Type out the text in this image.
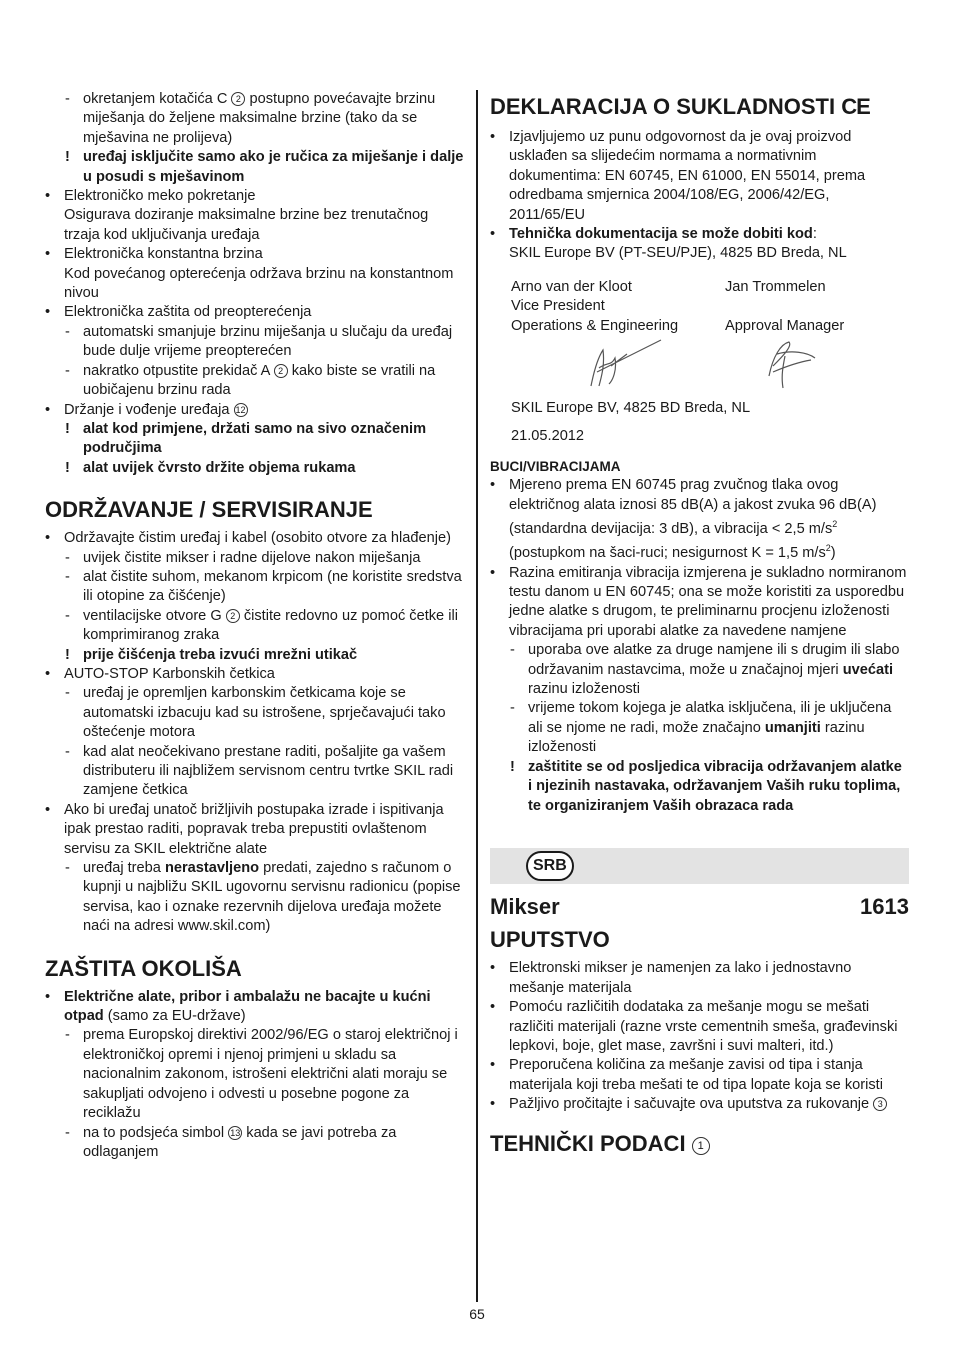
- okretanjem kotačića C 2 postupno povećavajte brzinu miješanja do željene maksimalne brzine (tako da se mješavina ne prolijeva)
! uređaj isključite samo ako je ručica za miješanje i dalje u posudi s mješavinom
• Elektroničko meko pokretanje
Osigurava doziranje maksimalne brzine bez trenutačnog trzaja kod uključivanja uređaja
• Elektronička konstantna brzina
Kod povećanog opterećenja održava brzinu na konstantnom nivou
• Elektronička zaštita od preopterećenja
- automatski smanjuje brzinu miješanja u slučaju da uređaj bude dulje vrijeme preopterećen
- nakratko otpustite prekidač A 2 kako biste se vratili na uobičajenu brzinu rada
• Držanje i vođenje uređaja 12
! alat kod primjene, držati samo na sivo označenim područjima
! alat uvijek čvrsto držite objema rukama
ODRŽAVANJE / SERVISIRANJE
• Održavajte čistim uređaj i kabel (osobito otvore za hlađenje)
- uvijek čistite mikser i radne dijelove nakon miješanja
- alat čistite suhom, mekanom krpicom (ne koristite sredstva ili otopine za čišćenje)
- ventilacijske otvore G 2 čistite redovno uz pomoć četke ili komprimiranog zraka
! prije čišćenja treba izvući mrežni utikač
• AUTO-STOP Karbonskih četkica
- uređaj je opremljen karbonskim četkicama koje se automatski izbacuju kad su istrošene, sprječavajući tako oštećenje motora
- kad alat neočekivano prestane raditi, pošaljite ga vašem distributeru ili najbližem servisnom centru tvrtke SKIL radi zamjene četkica
• Ako bi uređaj unatoč brižljivih postupaka izrade i ispitivanja ipak prestao raditi, popravak treba prepustiti ovlaštenom servisu za SKIL električne alate
- uređaj treba nerastavljeno predati, zajedno s računom o kupnji u najbližu SKIL ugovornu servisnu radionicu (popise servisa, kao i oznake rezervnih dijelova uređaja možete naći na adresi www.skil.com)
ZAŠTITA OKOLIŠA
• Električne alate, pribor i ambalažu ne bacajte u kućni otpad (samo za EU-države)
- prema Europskoj direktivi 2002/96/EG o staroj električnoj i elektroničkoj opremi i njenoj primjeni u skladu sa nacionalnim zakonom, istrošeni električni alati moraju se sakupljati odvojeno i odvesti u posebne pogone za reciklažu
- na to podsjeća simbol 13 kada se javi potreba za odlaganjem
DEKLARACIJA O SUKLADNOSTI CE
• Izjavljujemo uz punu odgovornost da je ovaj proizvod usklađen sa slijedećim normama a normativnim dokumentima: EN 60745, EN 61000, EN 55014, prema odredbama smjernica 2004/108/EG, 2006/42/EG, 2011/65/EU
• Tehnička dokumentacija se može dobiti kod:
SKIL Europe BV (PT-SEU/PJE), 4825 BD Breda, NL
Arno van der Kloot
Vice President
Operations & Engineering
Jan Trommelen

Approval Manager
SKIL Europe BV, 4825 BD Breda, NL
21.05.2012
BUCI/VIBRACIJAMA
• Mjereno prema EN 60745 prag zvučnog tlaka ovog električnog alata iznosi 85 dB(A) a jakost zvuka 96 dB(A) (standardna devijacija: 3 dB), a vibracija < 2,5 $m/s^2$ (postupkom na šaci-ruci; nesigurnost K = 1,5 $m/s^2$)
• Razina emitiranja vibracija izmjerena je sukladno normiranom testu danom u EN 60745; ona se može koristiti za usporedbu jedne alatke s drugom, te preliminarnu procjenu izloženosti vibracijama pri uporabi alatke za navedene namjene
- uporaba ove alatke za druge namjene ili s drugim ili slabo održavanim nastavcima, može u značajnoj mjeri uvećati razinu izloženosti
- vrijeme tokom kojega je alatka isključena, ili je uključena ali se njome ne radi, može značajno umanjiti razinu izloženosti
! zaštitite se od posljedica vibracija održavanjem alatke i njezinih nastavaka, održavanjem Vaših ruku toplima, te organiziranjem Vaših obrazaca rada
SRB
Mikser	1613
UPUTSTVO
• Elektronski mikser je namenjen za lako i jednostavno mešanje materijala
• Pomoću različitih dodataka za mešanje mogu se mešati različiti materijali (razne vrste cementnih smeša, građevinski lepkovi, boje, glet mase, završni i suvi malteri, itd.)
• Preporučena količina za mešanje zavisi od tipa i stanja materijala koji treba mešati te od tipa lopate koja se koristi
• Pažljivo pročitajte i sačuvajte ova uputstva za rukovanje 3
TEHNIČKI PODACI 1
65
